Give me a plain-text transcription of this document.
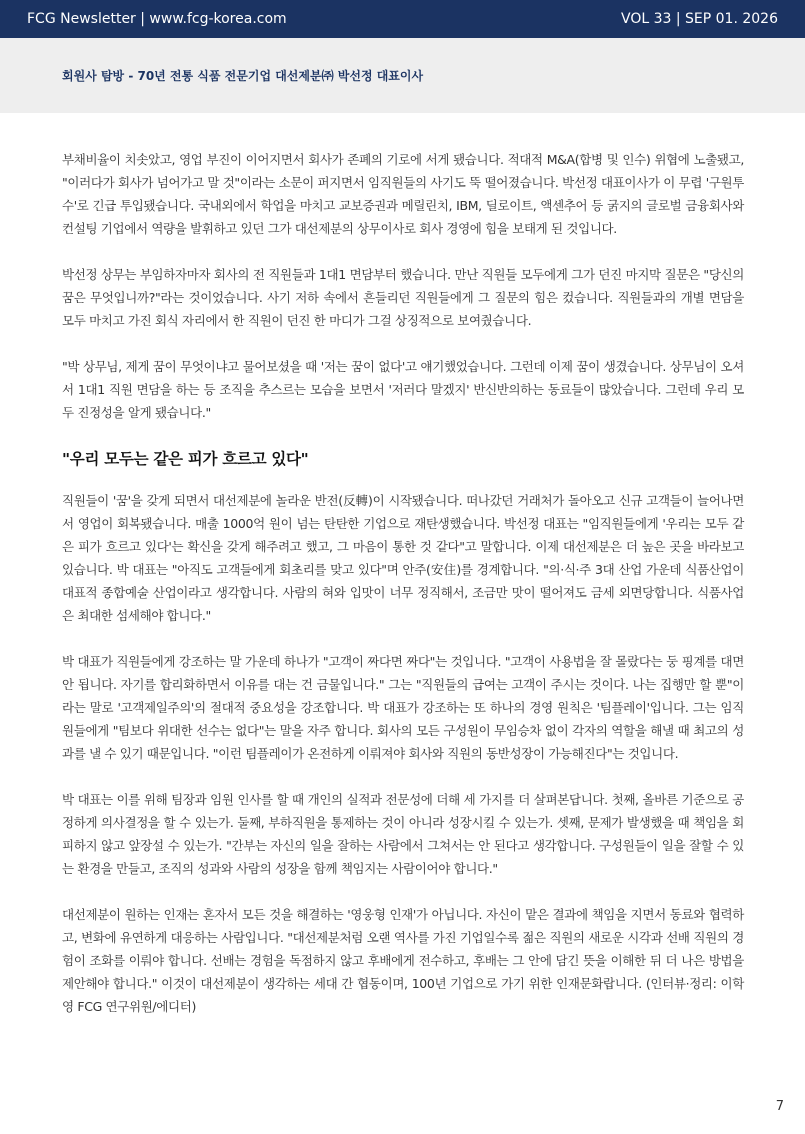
FCG Newsletter | www.fcg-korea.com	VOL 33 | SEP 01. 2026
회원사 탐방 - 70년 전통 식품 전문기업 대선제분㈜ 박선정 대표이사

부채비율이 치솟았고, 영업 부진이 이어지면서 회사가 존폐의 기로에 서게 됐습니다. 적대적 M&A(합병 및 인수) 위협에 노출됐고, "이러다가 회사가 넘어가고 말 것"이라는 소문이 퍼지면서 임직원들의 사기도 뚝 떨어졌습니다. 박선정 대표이사가 이 무렵 '구원투수'로 긴급 투입됐습니다. 국내외에서 학업을 마치고 교보증권과 메릴린치, IBM, 딜로이트, 액센추어 등 굵지의 글로벌 금융회사와 컨설팅 기업에서 역량을 발휘하고 있던 그가 대선제분의 상무이사로 회사 경영에 힘을 보태게 된 것입니다.

박선정 상무는 부임하자마자 회사의 전 직원들과 1대1 면담부터 했습니다. 만난 직원들 모두에게 그가 던진 마지막 질문은 "당신의 꿈은 무엇입니까?"라는 것이었습니다. 사기 저하 속에서 흔들리던 직원들에게 그 질문의 힘은 컸습니다. 직원들과의 개별 면담을 모두 마치고 가진 회식 자리에서 한 직원이 던진 한 마디가 그걸 상징적으로 보여줬습니다.

"박 상무님, 제게 꿈이 무엇이냐고 물어보셨을 때 '저는 꿈이 없다'고 얘기했었습니다. 그런데 이제 꿈이 생겼습니다. 상무님이 오셔서 1대1 직원 면담을 하는 등 조직을 추스르는 모습을 보면서 '저러다 말겠지' 반신반의하는 동료들이 많았습니다. 그런데 우리 모두 진정성을 알게 됐습니다."

"우리 모두는 같은 피가 흐르고 있다"

직원들이 '꿈'을 갖게 되면서 대선제분에 놀라운 반전(反轉)이 시작됐습니다. 떠나갔던 거래처가 돌아오고 신규 고객들이 늘어나면서 영업이 회복됐습니다. 매출 1000억 원이 넘는 탄탄한 기업으로 재탄생했습니다. 박선정 대표는 "임직원들에게 '우리는 모두 같은 피가 흐르고 있다'는 확신을 갖게 해주려고 했고, 그 마음이 통한 것 같다"고 말합니다. 이제 대선제분은 더 높은 곳을 바라보고 있습니다. 박 대표는 "아직도 고객들에게 회초리를 맞고 있다"며 안주(安住)를 경계합니다. "의·식·주 3대 산업 가운데 식품산업이 대표적 종합예술 산업이라고 생각합니다. 사람의 혀와 입맛이 너무 정직해서, 조금만 맛이 떨어져도 금세 외면당합니다. 식품사업은 최대한 섬세해야 합니다."

박 대표가 직원들에게 강조하는 말 가운데 하나가 "고객이 짜다면 짜다"는 것입니다. "고객이 사용법을 잘 몰랐다는 둥 핑계를 대면 안 됩니다. 자기를 합리화하면서 이유를 대는 건 금물입니다." 그는 "직원들의 급여는 고객이 주시는 것이다. 나는 집행만 할 뿐"이라는 말로 '고객제일주의'의 절대적 중요성을 강조합니다. 박 대표가 강조하는 또 하나의 경영 원칙은 '팀플레이'입니다. 그는 임직원들에게 "팀보다 위대한 선수는 없다"는 말을 자주 합니다. 회사의 모든 구성원이 무임승차 없이 각자의 역할을 해낼 때 최고의 성과를 낼 수 있기 때문입니다. "이런 팀플레이가 온전하게 이뤄져야 회사와 직원의 동반성장이 가능해진다"는 것입니다.

박 대표는 이를 위해 팀장과 임원 인사를 할 때 개인의 실적과 전문성에 더해 세 가지를 더 살펴본답니다. 첫째, 올바른 기준으로 공정하게 의사결정을 할 수 있는가. 둘째, 부하직원을 통제하는 것이 아니라 성장시킬 수 있는가. 셋째, 문제가 발생했을 때 책임을 회피하지 않고 앞장설 수 있는가. "간부는 자신의 일을 잘하는 사람에서 그쳐서는 안 된다고 생각합니다. 구성원들이 일을 잘할 수 있는 환경을 만들고, 조직의 성과와 사람의 성장을 함께 책임지는 사람이어야 합니다."

대선제분이 원하는 인재는 혼자서 모든 것을 해결하는 '영웅형 인재'가 아닙니다. 자신이 맡은 결과에 책임을 지면서 동료와 협력하고, 변화에 유연하게 대응하는 사람입니다. "대선제분처럼 오랜 역사를 가진 기업일수록 젊은 직원의 새로운 시각과 선배 직원의 경험이 조화를 이뤄야 합니다. 선배는 경험을 독점하지 않고 후배에게 전수하고, 후배는 그 안에 담긴 뜻을 이해한 뒤 더 나은 방법을 제안해야 합니다." 이것이 대선제분이 생각하는 세대 간 협동이며, 100년 기업으로 가기 위한 인재문화랍니다. (인터뷰·정리: 이학영 FCG 연구위원/에디터)

7
